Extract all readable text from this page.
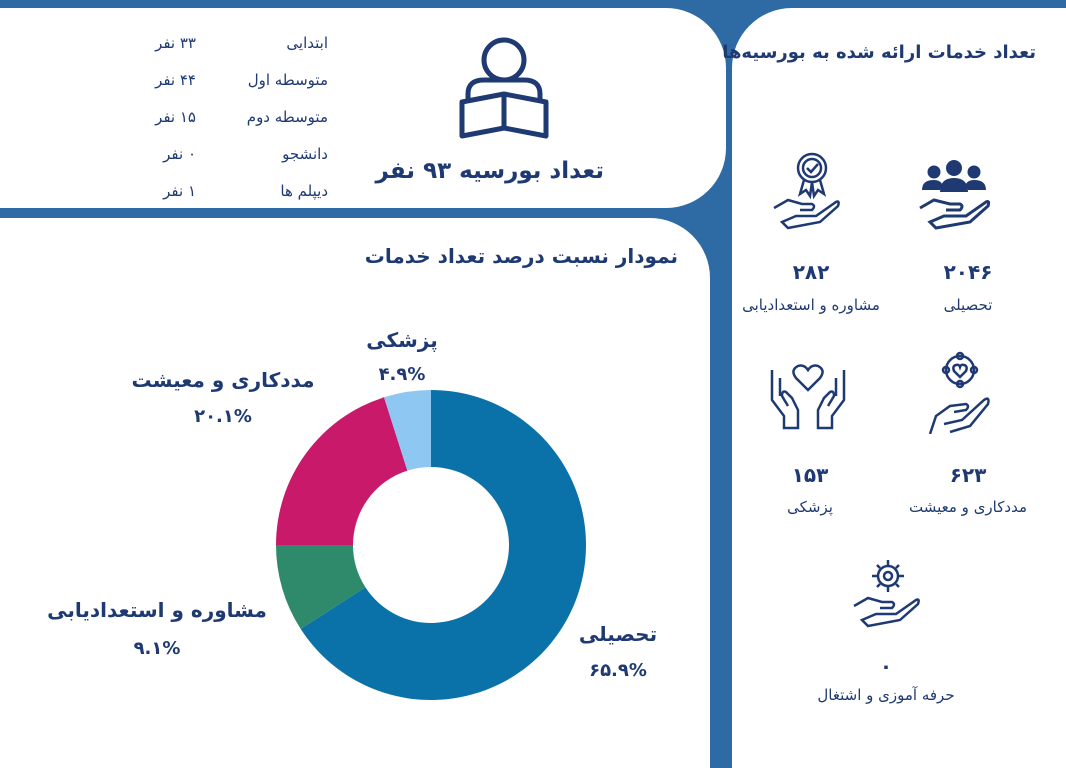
تعداد بورسیه ۹۳ نفر
ابتدایی
متوسطه اول
متوسطه دوم
دانشجو
دیپلم ها
۳۳ نفر
۴۴ نفر
۱۵ نفر
۰ نفر
۱ نفر
تعداد خدمات ارائه شده به بورسیه‌ها
۲۰۴۶
تحصیلی
۲۸۲
مشاوره و استعدادیابی
۶۲۳
مددکاری و معیشت
۱۵۳
پزشکی
۰
حرفه آموزی و اشتغال
نمودار نسبت درصد تعداد خدمات
پزشکی
۴.۹%
مددکاری و معیشت
۲۰.۱%
مشاوره و استعدادیابی
۹.۱%
تحصیلی
۶۵.۹%
